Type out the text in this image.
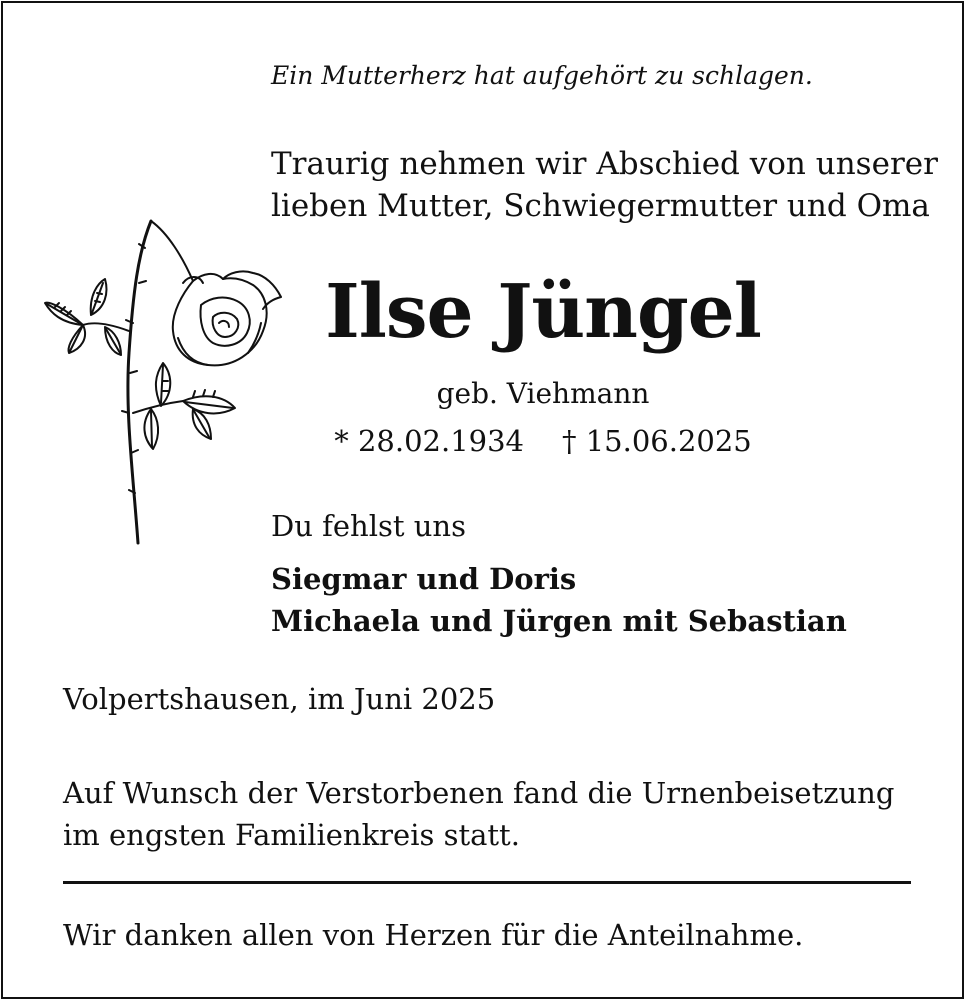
Ein Mutterherz hat aufgehört zu schlagen.
Traurig nehmen wir Abschied von unserer
lieben Mutter, Schwiegermutter und Oma
Ilse Jüngel
geb. Viehmann
* 28.02.1934 † 15.06.2025
Du fehlst uns
Siegmar und Doris
Michaela und Jürgen mit Sebastian
Volpertshausen, im Juni 2025
Auf Wunsch der Verstorbenen fand die Urnenbeisetzung
im engsten Familienkreis statt.
Wir danken allen von Herzen für die Anteilnahme.
